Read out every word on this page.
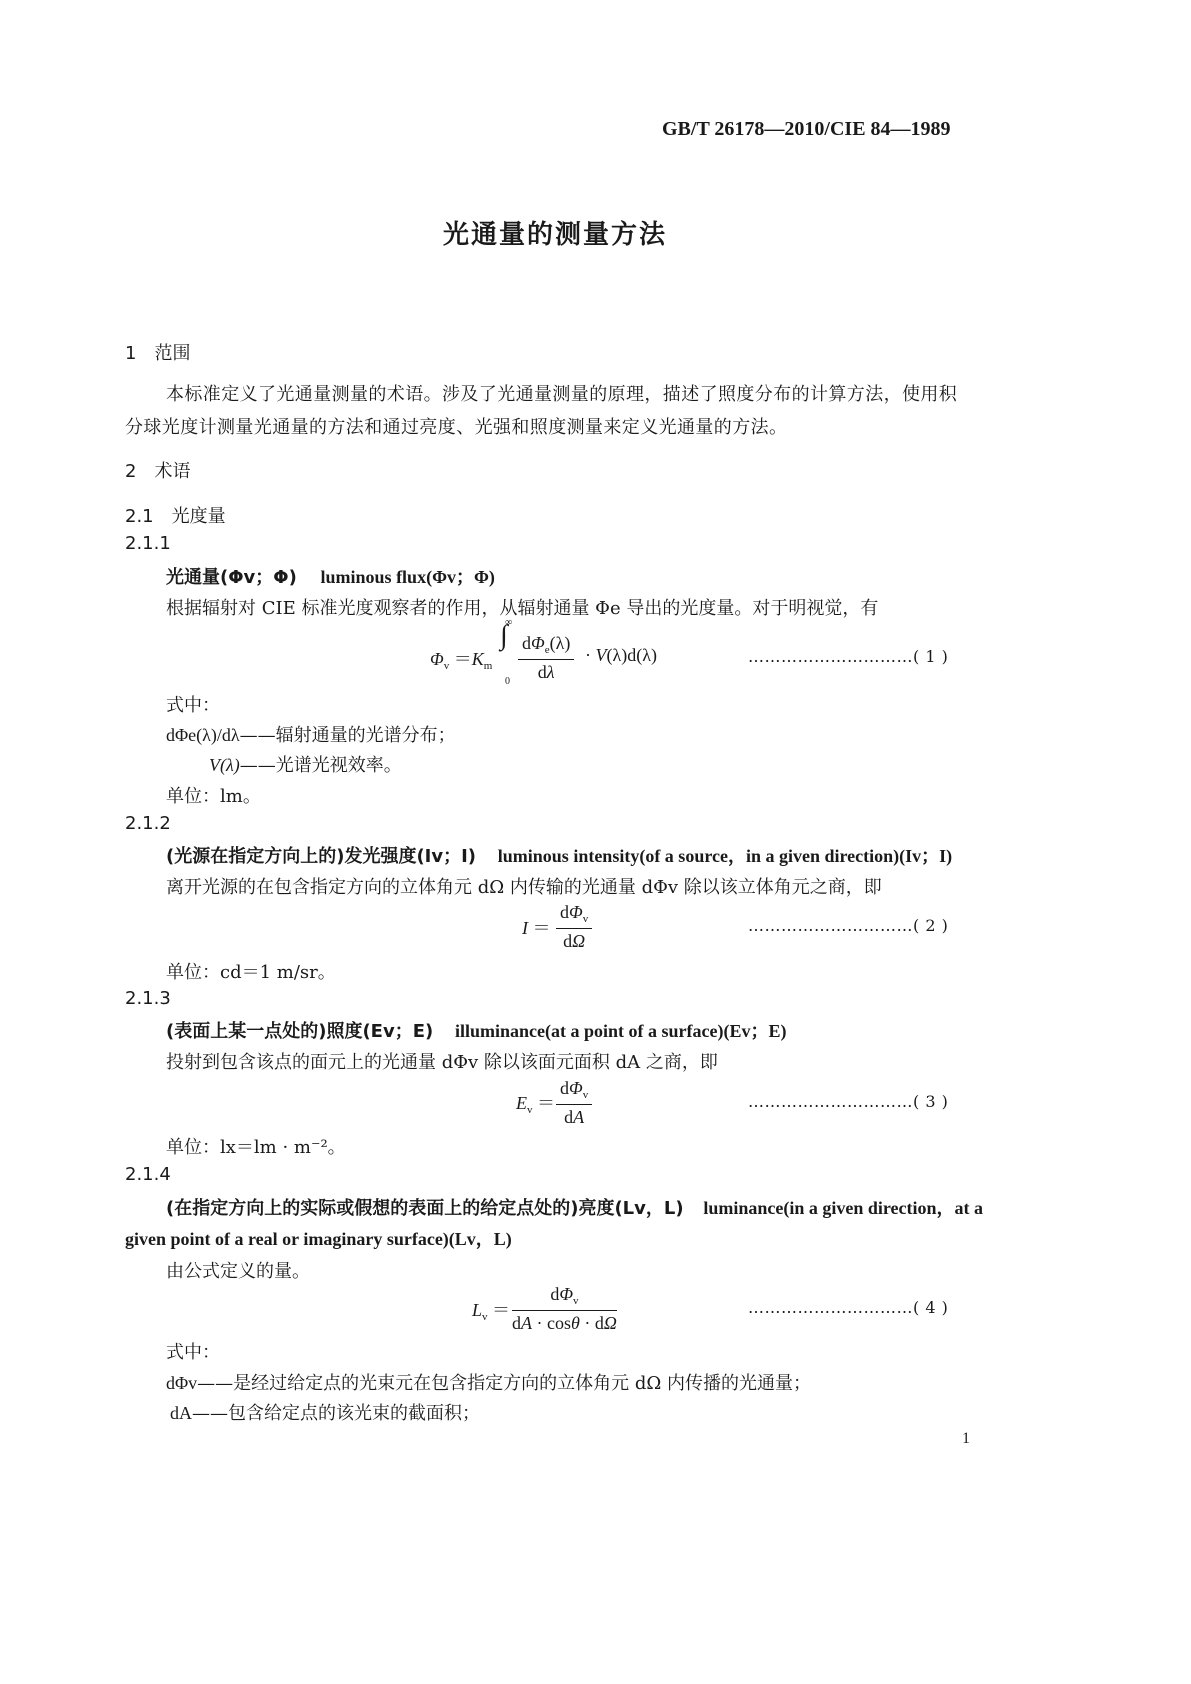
GB/T 26178—2010/CIE 84—1989
光通量的测量方法
1　范围
本标准定义了光通量测量的术语。涉及了光通量测量的原理，描述了照度分布的计算方法，使用积
分球光度计测量光通量的方法和通过亮度、光强和照度测量来定义光通量的方法。
2　术语
2.1　光度量
2.1.1
光通量(Φv；Φ) luminous flux(Φv；Φ)
根据辐射对 CIE 标准光度观察者的作用，从辐射通量 Φe 导出的光度量。对于明视觉，有
$\Phi_v =K_m$
∫
∞
0
$d\Phi_e(\lambda)$
dλ
· V(λ)d(λ)	…………………………( 1 )
式中：
dΦe(λ)/dλ——辐射通量的光谱分布；
V(λ)——光谱光视效率。
单位：lm。
2.1.2
(光源在指定方向上的)发光强度(Iv；I) luminous intensity(of a source，in a given direction)(Iv；I)
离开光源的在包含指定方向的立体角元 dΩ 内传输的光通量 dΦv 除以该立体角元之商，即
I ＝
$d\Phi_v$
dΩ
…………………………( 2 )
单位：cd＝1 m/sr。
2.1.3
(表面上某一点处的)照度(Ev；E) illuminance(at a point of a surface)(Ev；E)
投射到包含该点的面元上的光通量 dΦv 除以该面元面积 dA 之商，即
$E_v$ ＝
$d\Phi_v$
dA
…………………………( 3 )
单位：lx＝lm · m⁻²。
2.1.4
(在指定方向上的实际或假想的表面上的给定点处的)亮度(Lv，L) luminance(in a given direction，at a
given point of a real or imaginary surface)(Lv，L)
由公式定义的量。
$L_v$ ＝
$d\Phi_v$
dA · cosθ · dΩ
…………………………( 4 )
式中：
dΦv——是经过给定点的光束元在包含指定方向的立体角元 dΩ 内传播的光通量；
dA——包含给定点的该光束的截面积；
1
